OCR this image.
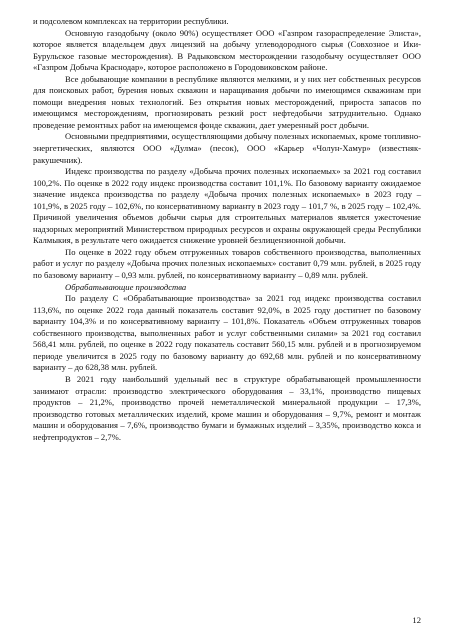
и подсолевом комплексах на территории республики.

Основную газодобычу (около 90%) осуществляет ООО «Газпром газораспределение Элиста», которое является владельцем двух лицензий на добычу углеводородного сырья (Совхозное и Ики-Бурульское газовые месторождения). В Радыковском месторождении газодобычу осуществляет ООО «Газпром Добыча Краснодар», которое расположено в Городовиковском районе.

Все добывающие компании в республике являются мелкими, и у них нет собственных ресурсов для поисковых работ, бурения новых скважин и наращивания добычи по имеющимся скважинам при помощи внедрения новых технологий. Без открытия новых месторождений, прироста запасов по имеющимся месторождениям, прогнозировать резкий рост нефтедобычи затруднительно. Однако проведение ремонтных работ на имеющемся фонде скважин, дает умеренный рост добычи.

Основными предприятиями, осуществляющими добычу полезных ископаемых, кроме топливно-энергетических, являются ООО «Дулма» (песок), ООО «Карьер «Чолун-Хамур» (известняк-ракушечник).

Индекс производства по разделу «Добыча прочих полезных ископаемых» за 2021 год составил 100,2%. По оценке в 2022 году индекс производства составит 101,1%. По базовому варианту ожидаемое значение индекса производства по разделу «Добыча прочих полезных ископаемых» в 2023 году – 101,9%, в 2025 году – 102,6%, по консервативному варианту в 2023 году – 101,7 %, в 2025 году – 102,4%. Причиной увеличения объемов добычи сырья для строительных материалов является ужесточение надзорных мероприятий Министерством природных ресурсов и охраны окружающей среды Республики Калмыкия, в результате чего ожидается снижение уровней безлицензионной добычи.

По оценке в 2022 году объем отгруженных товаров собственного производства, выполненных работ и услуг по разделу «Добыча прочих полезных ископаемых» составит 0,79 млн. рублей, в 2025 году по базовому варианту – 0,93 млн. рублей, по консервативному варианту – 0,89 млн. рублей.

Обрабатывающие производства

По разделу С «Обрабатывающие производства» за 2021 год индекс производства составил 113,6%, по оценке 2022 года данный показатель составит 92,0%, в 2025 году достигнет по базовому варианту 104,3% и по консервативному варианту – 101,8%. Показатель «Объем отгруженных товаров собственного производства, выполненных работ и услуг собственными силами» за 2021 год составил 568,41 млн. рублей, по оценке в 2022 году показатель составит 560,15 млн. рублей и в прогнозируемом периоде увеличится в 2025 году по базовому варианту до 692,68 млн. рублей и по консервативному варианту – до 628,38 млн. рублей.

В 2021 году наибольший удельный вес в структуре обрабатывающей промышленности занимают отрасли: производство электрического оборудования – 33,1%, производство пищевых продуктов – 21,2%, производство прочей неметаллической минеральной продукции – 17,3%, производство готовых металлических изделий, кроме машин и оборудования – 9,7%, ремонт и монтаж машин и оборудования – 7,6%, производство бумаги и бумажных изделий – 3,35%, производство кокса и нефтепродуктов – 2,7%.

12
